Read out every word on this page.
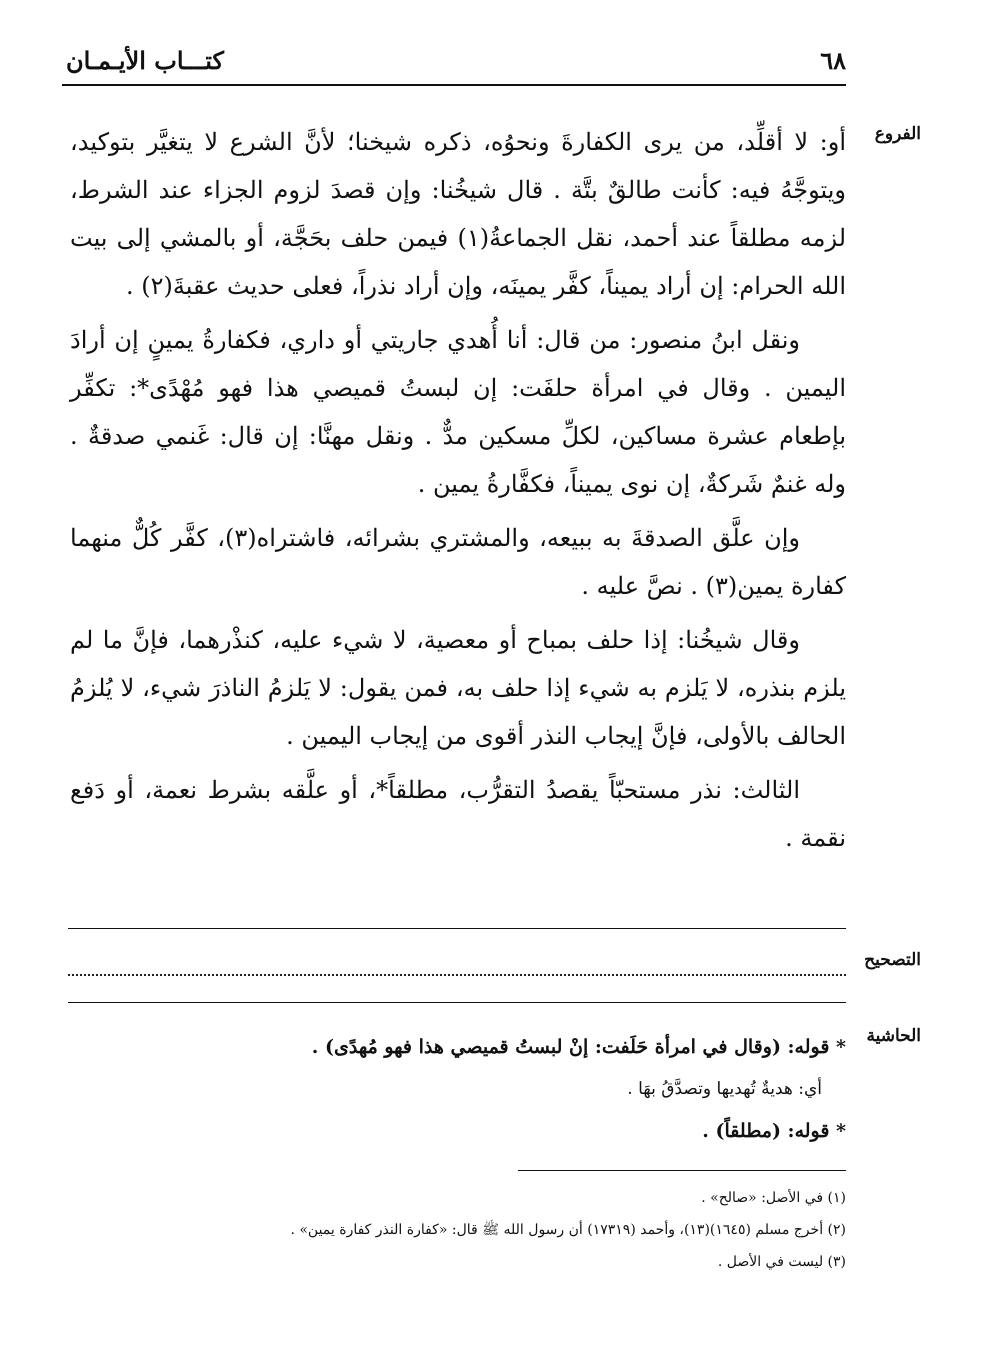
كتـــاب الأيـمـان	٦٨
الفروع

أو: لا أقلِّد، من يرى الكفارةَ ونحوُه، ذكره شيخنا؛ لأنَّ الشرع لا يتغيَّر بتوكيد، ويتوجَّهُ فيه: كأنت طالقٌ بتَّة . قال شيخُنا: وإن قصدَ لزوم الجزاء عند الشرط، لزمه مطلقاً عند أحمد، نقل الجماعةُ(١) فيمن حلف بحَجَّة، أو بالمشي إلى بيت الله الحرام: إن أراد يميناً، كفَّر يمينَه، وإن أراد نذراً، فعلى حديث عقبةَ(٢) .

ونقل ابنُ منصور: من قال: أنا أُهدي جاريتي أو داري، فكفارةُ يمينٍ إن أرادَ اليمين . وقال في امرأة حلفَت: إن لبستُ قميصي هذا فهو مُهْدًى*: تكفِّر بإطعام عشرة مساكين، لكلِّ مسكين مدٌّ . ونقل مهنَّا: إن قال: غَنمي صدقةٌ . وله غنمٌ شَركةٌ، إن نوى يميناً، فكفَّارةُ يمين .

وإن علَّق الصدقةَ به ببيعه، والمشتري بشرائه، فاشتراه(٣)، كفَّر كُلٌّ منهما كفارة يمين(٣) . نصَّ عليه .

وقال شيخُنا: إذا حلف بمباح أو معصية، لا شيء عليه، كنذْرهما، فإنَّ ما لم يلزم بنذره، لا يَلزم به شيء إذا حلف به، فمن يقول: لا يَلزمُ الناذرَ شيء، لا يُلزمُ الحالف بالأولى، فإنَّ إيجاب النذر أقوى من إيجاب اليمين .

الثالث: نذر مستحبّاً يقصدُ التقرُّب، مطلقاً*، أو علَّقه بشرط نعمة، أو دَفع نقمة .

التصحيح
الحاشية

* قوله: (وقال في امرأة حَلَفت: إنْ لبستُ قميصي هذا فهو مُهدًى) .

أي: هديةٌ تُهديها وتصدَّقُ بهَا .

* قوله: (مطلقاً) .

(١) في الأصل: «صالح» .

(٢) أخرج مسلم (١٦٤٥)(١٣)، وأحمد (١٧٣١٩) أن رسول الله ﷺ قال: «كفارة النذر كفارة يمين» .

(٣) ليست في الأصل .
